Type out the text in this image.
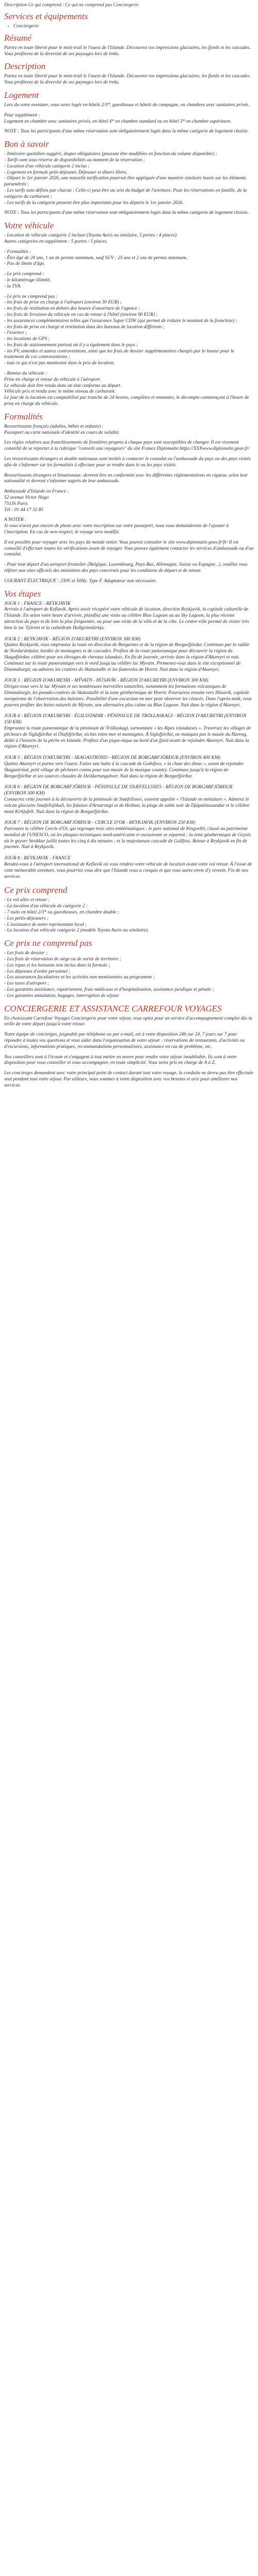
Description Ce qui comprend / Ce qui ne comprend pas Conciergerie

Services et équipements
• Conciergerie
Résumé

Partez en toute liberté pour le mini-trail le l'ouest de l'Islande. Découvrez vos impressions glaciaires, les fjords et les cascades. Vous profiterez de la diversité de ses paysages lors de treks.

Description

Partez en toute liberté pour le mini-trail le l'ouest de l'Islande. Découvrez vos impressions glaciaires, les fjords et les cascades. Vous profiterez de la diversité de ses paysages lors de treks.

Logement

Lors du votre aventure, vous serez logés en hôtels 2/3*, guesthouse et hôtels de campagne, en chambres avec sanitaires privés.

Pour supplément :
Logement en chambre avec sanitaires privés, en hôtel 4* en chambre standard ou en hôtel 3* en chambre supérieure.

NOTE : Tous les participants d'une même réservation sont obligatoirement logés dans la même catégorie de logement choisie.

Bon à savoir

- Itinéraire quotidien suggéré, étapes obligatoires (pouvant être modifiées en fonction du volume disponible) ;

- Tarifs sont sous réserve de disponibilités au moment de la réservation ;

- Location d'un véhicule catégorie 2 inclus ;

- Logement en formule petit-déjeuner, Déjeuner et dîners libres.

- Départ le 1er janvier 2026, une nouvelle tarification pourrait être appliquée d'une manière similaire basée sur les éléments paramétrés ;

- Les tarifs sont définis par chacun ; Celle-ci peut être au sein du budget de l'aventure. Pour les réservations en famille, de la catégorie du carburant ;

- Les tarifs de la catégorie peuvent être plus importants pour les départs le 1er janvier 2026.

NOTE : Tous les participants d'une même réservation sont obligatoirement logés dans la même catégorie de logement choisie.

Votre véhicule

- Location de véhicule catégorie 2 incluse (Toyota Auris ou similaire, 5 portes / 4 places).
Autres catégories en supplément : 5 portes / 5 places.

- Formalités :
- Être âgé de 20 ans, 1 an de permis minimum, sauf SUV : 25 ans et 2 ans de permis minimum.
- Pas de limite d'âge.

- Le prix comprend :
- le kilométrage illimité,
- la TVA.

- Le prix ne comprend pas :
- les frais de prise en charge à l'aéroport (environ 30 EUR) ;
- les frais de restitution en dehors des heures d'ouverture de l'agence ;
- les frais de livraison du véhicule en cas de retour à l'hôtel (environ 90 EUR) ;
- les assurances complémentaires telles que l'assurance Super CDW (qui permet de réduire le montant de la franchise) ;
- les frais de prise en charge et restitution dans des bureaux de location différents ;
- l'essence ;
- les locations de GPS ;
- les frais de stationnement partout où il y a également dans le pays ;
- les PV, amendes et autres contraventions, ainsi que les frais de dossier supplémentaires chargés par le loueur pour le traitement de ces contraventions ;
- tout ce qui n'est pas mentionné dans le prix de location.

- Remise du véhicule :
Prise en charge et retour du véhicule à l'aéroport.
Le véhicule doit être rendu dans un état conforme au départ.
Véhicule pris et rendu avec le même niveau de carburant.
Le jour de la location est comptabilisé par tranche de 24 heures, complètes et entamées, le décompte commençant à l'heure de prise en charge du véhicule.

Formalités

Ressortissants français (adultes, bébés et enfants) :
Passeport ou carte nationale d'identité en cours de validité.

Les règles relatives aux franchissements de frontières propres à chaque pays sont susceptibles de changer. Il est vivement conseillé de se reporter à la rubrique "conseils aux voyageurs" du site France Diplomatie.https://XXXwww.diplomatie.gouv.fr/

Les ressortissants étrangers et double nationaux sont invités à contacter le consulat ou l'ambassade du pays ou des pays visités afin de s'informer sur les formalités à effectuer pour se rendre dans le ou les pays visités.

Ressortissants étrangers et binationaux: devront être en conformité avec les différentes réglementations en vigueur, selon leur nationalité et devront s'informer auprès de leur ambassade.

Ambassade d'Islande en France :
52 avenue Victor Hugo
75116 Paris
Tél : 01 44 17 32 85

A NOTER :
Si vous n'avez pas encore de photo avec votre inscription sur votre passeport, nous vous demanderons de l'ajouter à l'inscription. En cas de non-respect, le voyage sera modifié.

Il est possible pour voyager avec les pays du monde entier. Vous pouvez consulter le site www.diplomatie.gouv.fr/fr/ Il est conseillé d'effectuer toutes les vérifications avant de voyager. Vous pouvez également contacter les services d'ambassade ou d'un consulat.

- Pour tout départ d'un aéroport frontalier (Belgique, Luxembourg, Pays-Bas, Allemagne, Suisse ou Espagne...), veuillez vous référer aux sites officiels des ministères des pays concernés pour les conditions de départ et de retour.

COURANT ÉLECTRIQUE : 230V et 50Hz. Type F. Adaptateur non nécessaire.

Vos étapes
JOUR 1 : FRANCE - REYKJAVIK

Arrivée à l'aéroport de Keflavik. Après avoir récupéré votre véhicule de location, direction Reykjavik, la capitale culturelle de l'Islande. En selon votre heure d'arrivée, planifiez une visite au célèbre Blue Lagoon ou au Sky Lagoon, la plus récente attraction du pays et de loin la plus fréquentée, ou pour une visite de la ville et de la côte. Le centre-ville permet de visiter très bien le lac Tjörnin et la cathédrale Hallgrímskirkja.

JOUR 2 : REYKJAVIK - RÉGION D'AKUREYRI (ENVIRON 380 KM)

Quittez Reykjavik, vous empruntez la route en direction de Borgarnes et de la région de Borgarfjördur. Continuez par la vallée de Nordurárdalur, bordée de montagnes et de cascades. Profitez de la route panoramique pour découvrir la région du Skagafjördur, célèbre pour ses élevages de chevaux islandais. En fin de journée, arrivée dans la région d'Akureyri et nuit.
Continuez sur la route panoramique vers le nord jusqu'au célèbre lac Mývatn. Promenez-vous dans le site exceptionnel de Dimmuborgir, ou admirez les cratères de Skútustaðir et les fumeroles de Hverir. Nuit dans la région d'Akureyri.

JOUR 3 : RÉGION D'AKUREYRI - MÝVATN - HÚSAVÍK - RÉGION D'AKUREYRI (ENVIRON 300 KM)

Dirigez-vous vers le lac Mývatn et ses nombreuses merveilles naturelles, notamment les formations volcaniques de Dimmuborgir, les pseudo-cratères de Skútustaðir et la zone géothermique de Hverir. Poursuivez ensuite vers Húsavík, capitale européenne de l'observation des baleines. Possibilité d'une excursion en mer pour observer les cétacés. Dans l'après-midi, vous pourrez profiter des bains naturels de Mývatn, une alternative plus calme au Blue Lagoon. Nuit dans la région d'Akureyri.

JOUR 4 : RÉGION D'AKUREYRI - ÉGILSSTAÐIR - PÉNINSULE DE TRÖLLASKAGI - RÉGION D'AKUREYRI (ENVIRON 150 KM)

Empruntez la route panoramique de la péninsule de Tröllaskagi, surnommée « les Alpes islandaises ». Traversez les villages de pêcheurs de Siglufjörður et Ólafsfjörður, nichés entre mer et montagnes. À Siglufjörður, ne manquez pas le musée du Hareng, dédié à l'histoire de la pêche en Islande. Profitez d'un pique-nique au bord d'un fjord avant de rejoindre Akureyri. Nuit dans la région d'Akureyri.

JOUR 5 : RÉGION D'AKUREYRI - SKAGASTRÖND - RÉGION DE BORGARFJÖRÐUR (ENVIRON 400 KM)

Quittez Akureyri et partez vers l'ouest. Faites une halte à la cascade de Goðafoss, « la chute des dieux », avant de rejoindre Skagaströnd, petit village de pêcheurs connu pour son musée de la musique country. Continuez jusqu'à la région de Borgarfjörður et ses sources chaudes de Deildartunguhver. Nuit dans la région de Borgarfjörður.

JOUR 6 : RÉGION DE BORGARFJÖRÐUR - PÉNINSULE DE SNÆFELLSNES - RÉGION DE BORGARFJÖRÐUR (ENVIRON 300 KM)

Consacrez cette journée à la découverte de la péninsule de Snæfellsnes, souvent appelée « l'Islande en miniature ». Admirez le volcan glaciaire Snæfellsjökull, les falaises d'Arnarstapi et de Hellnar, la plage de sable noir de Djúpalónssandur et le célèbre mont Kirkjufell. Nuit dans la région de Borgarfjörður.

JOUR 7 : RÉGION DE BORGARFJÖRÐUR - CERCLE D'OR - REYKJAVIK (ENVIRON 250 KM)

Parcourez le célèbre Cercle d'Or, qui regroupe trois sites emblématiques : le parc national de Þingvellir, classé au patrimoine mondial de l'UNESCO, où les plaques tectoniques nord-américaine et eurasienne se séparent ; la zone géothermique de Geysir, où le geyser Strokkur jaillit toutes les cinq à dix minutes ; et la majestueuse cascade de Gullfoss. Retour à Reykjavik en fin de journée. Nuit à Reykjavik.

JOUR 8 : REYKJAVIK - FRANCE

Rendez-vous à l'aéroport international de Keflavik où vous rendrez votre véhicule de location avant votre vol retour. À l'issue de cette mémorable aventure, vous pourriez vous dire que l'Islande vous a conquis et que vous aurez envie d'y revenir. Fin de nos services.

Ce prix comprend

- Le vol aller et retour ;

- La location d'un véhicule de catégorie 2 ;

- 7 nuits en hôtel 2/3* ou guesthouses, en chambre double ;

- Les petits-déjeuners ;

- L'assistance de notre représentant local ;

- La location d'un véhicule catégorie 2 (modèle Toyota Auris ou similaire).

Ce prix ne comprend pas

- Les frais de dossier ;

- Les frais de réservation de siège ou de sortie de territoire ;

- Les repas et les boissons non inclus dans la formule ;

- Les dépenses d'ordre personnel ;

- Les assurances facultatives et les activités non mentionnées au programme ;

- Les taxes d'aéroport ;

- Les garanties assistance, rapatriement, frais médicaux et d'hospitalisation, assistance juridique et pénale ;

- Les garanties annulation, bagages, interruption de séjour.

CONCIERGERIE ET ASSISTANCE CARREFOUR VOYAGES

En choisissant Carrefour Voyages Conciergerie pour votre séjour, vous optez pour un service d'accompagnement complet dès la veille de votre départ jusqu'à votre retour.

Notre équipe de concierges, joignable par téléphone ou par e-mail, est à votre disposition 24h sur 24, 7 jours sur 7 pour répondre à toutes vos questions et vous aider dans l'organisation de votre séjour : réservations de restaurants, d'activités ou d'excursions, informations pratiques, recommandations personnalisées, assistance en cas de problème, etc.

Nos conseillers sont à l'écoute et s'engagent à tout mettre en œuvre pour rendre votre séjour inoubliable. Ils sont à votre disposition pour vous conseiller et vous accompagner, en toute simplicité. Vous serez pris en charge de A à Z.

Les concierges demandent avec votre principal point de contact durant tout votre voyage, la conduite ne devra pas être effectuée seul pendant tout votre séjour. Par ailleurs, nous sommes à votre disposition avec vos besoins et avis pour améliorer nos services.
